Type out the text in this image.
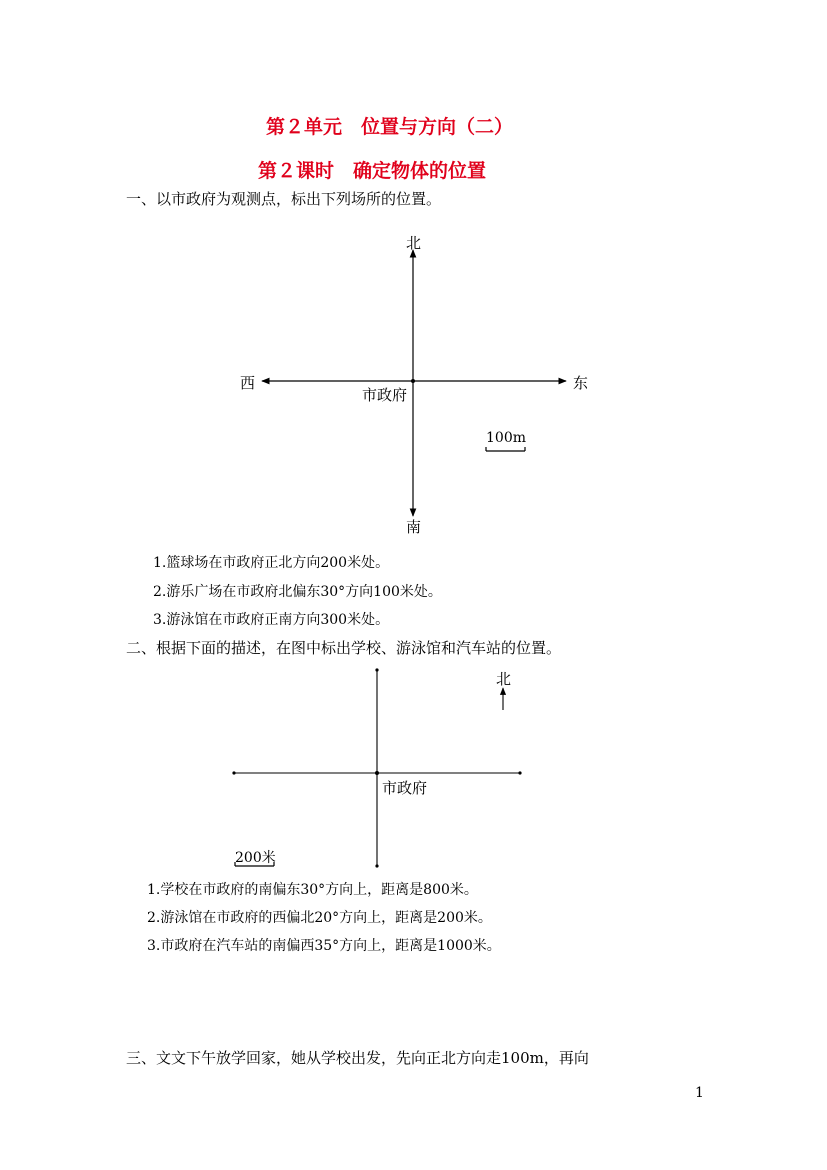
第２单元　位置与方向（二）
第２课时　确定物体的位置
一、以市政府为观测点，标出下列场所的位置。
北
南
西	东
市政府
100m
1.篮球场在市政府正北方向200米处。
2.游乐广场在市政府北偏东30°方向100米处。
3.游泳馆在市政府正南方向300米处。
二、根据下面的描述，在图中标出学校、游泳馆和汽车站的位置。
北
市政府
200米
1.学校在市政府的南偏东30°方向上，距离是800米。
2.游泳馆在市政府的西偏北20°方向上，距离是200米。
3.市政府在汽车站的南偏西35°方向上，距离是1000米。
三、文文下午放学回家，她从学校出发，先向正北方向走100m，再向
1
